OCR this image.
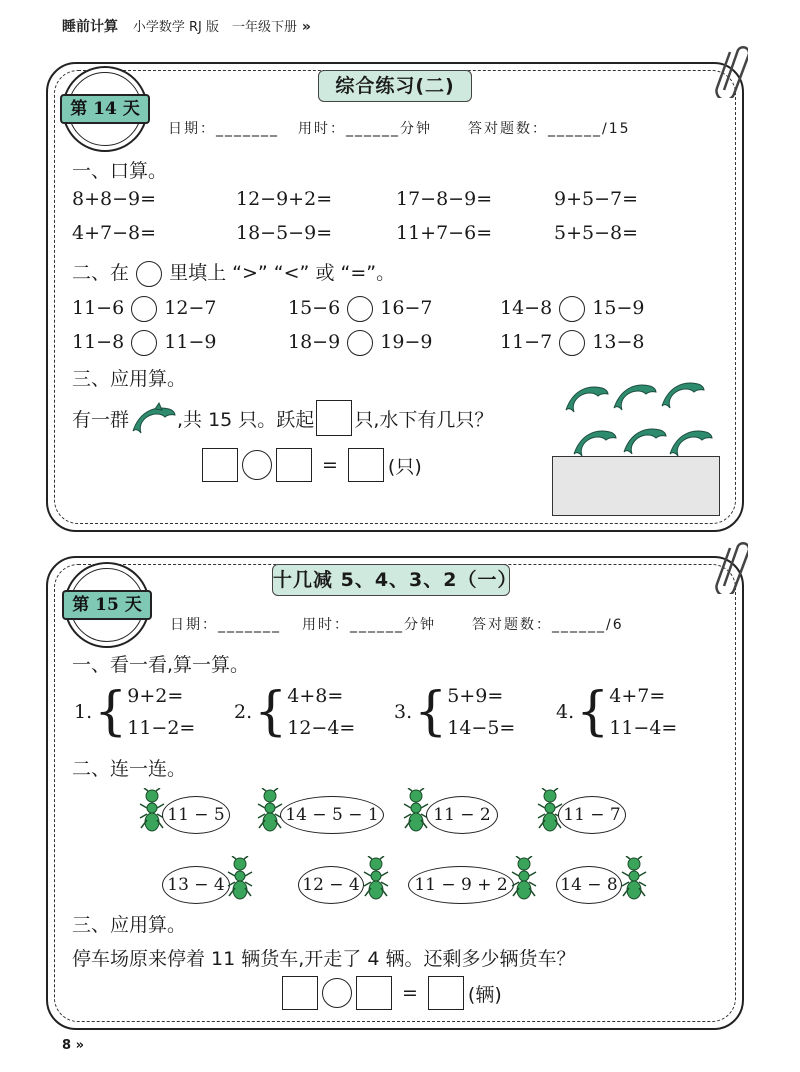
睡前计算 小学数学 RJ 版　一年级下册 »
第 14 天
综合练习(二)
日期：_______ 用时：______分钟	答对题数：______/15
一、口算。
8+8−9=	12−9+2=	17−8−9=	9+5−7=
4+7−8=	18−5−9=	11+7−6=	5+5−8=
二、在 里填上 “>” “<” 或 “=”。
11−6 12−7	15−6 16−7	14−8 15−9
11−8 11−9	18−9 19−9	11−7 13−8
三、应用算。
有一群	,共 15 只。跃起 只,水下有几只？
=	(只)
第 15 天
十几减 5、4、3、2（一）
日期：_______ 用时：______分钟	答对题数：______/6
一、看一看,算一算。
1. { 9+2=
11−2=
2. { 4+8=
12−4=
3. { 5+9=
14−5=
4. { 4+7=
11−4=
二、连一连。
11 − 5	14 − 5 − 1	11 − 2	11 − 7
13 − 4	12 − 4	11 − 9 + 2	14 − 8
三、应用算。
停车场原来停着 11 辆货车,开走了 4 辆。还剩多少辆货车？
=	(辆)
8 »
